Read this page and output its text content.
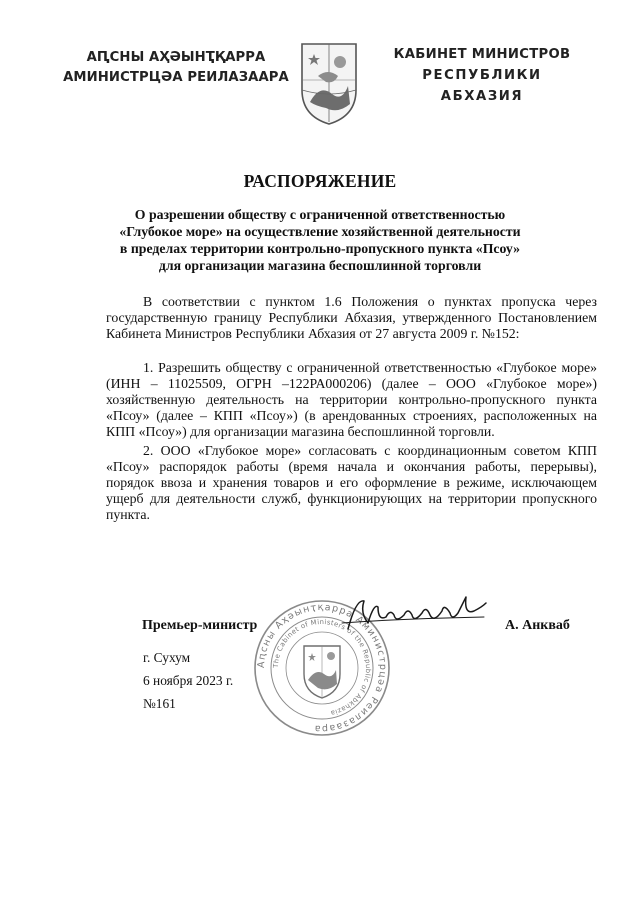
АԤСНЫ АҲӘЫНҬҚАРРА
АМИНИСТРЦӘА РЕИЛАЗААРА
КАБИНЕТ МИНИСТРОВ
РЕСПУБЛИКИ АБХАЗИЯ
РАСПОРЯЖЕНИЕ
О разрешении обществу с ограниченной ответственностью
«Глубокое море» на осуществление хозяйственной деятельности
в пределах территории контрольно-пропускного пункта «Псоу»
для организации магазина беспошлинной торговли

В соответствии с пунктом 1.6 Положения о пунктах пропуска через государственную границу Республики Абхазия, утвержденного Постановлением Кабинета Министров Республики Абхазия от 27 августа 2009 г. №152:

1. Разрешить обществу с ограниченной ответственностью «Глубокое море» (ИНН – 11025509, ОГРН –122РА000206) (далее – ООО «Глубокое море») хозяйственную деятельность на территории контрольно-пропускного пункта «Псоу» (далее – КПП «Псоу») (в арендованных строениях, расположенных на КПП «Псоу») для организации магазина беспошлинной торговли.

2. ООО «Глубокое море» согласовать с координационным советом КПП «Псоу» распорядок работы (время начала и окончания работы, перерывы), порядок ввоза и хранения товаров и его оформление в режиме, исключающем ущерб для деятельности служб, функционирующих на территории пропускного пункта.

Аԥсны Аҳәынҭқарра Аминистрцәа Реилазаара
The Cabinet of Ministers of the Republic of Abkhazia
Премьер-министр	А. Анкваб
г. Сухум
6 ноября 2023 г.
№161
